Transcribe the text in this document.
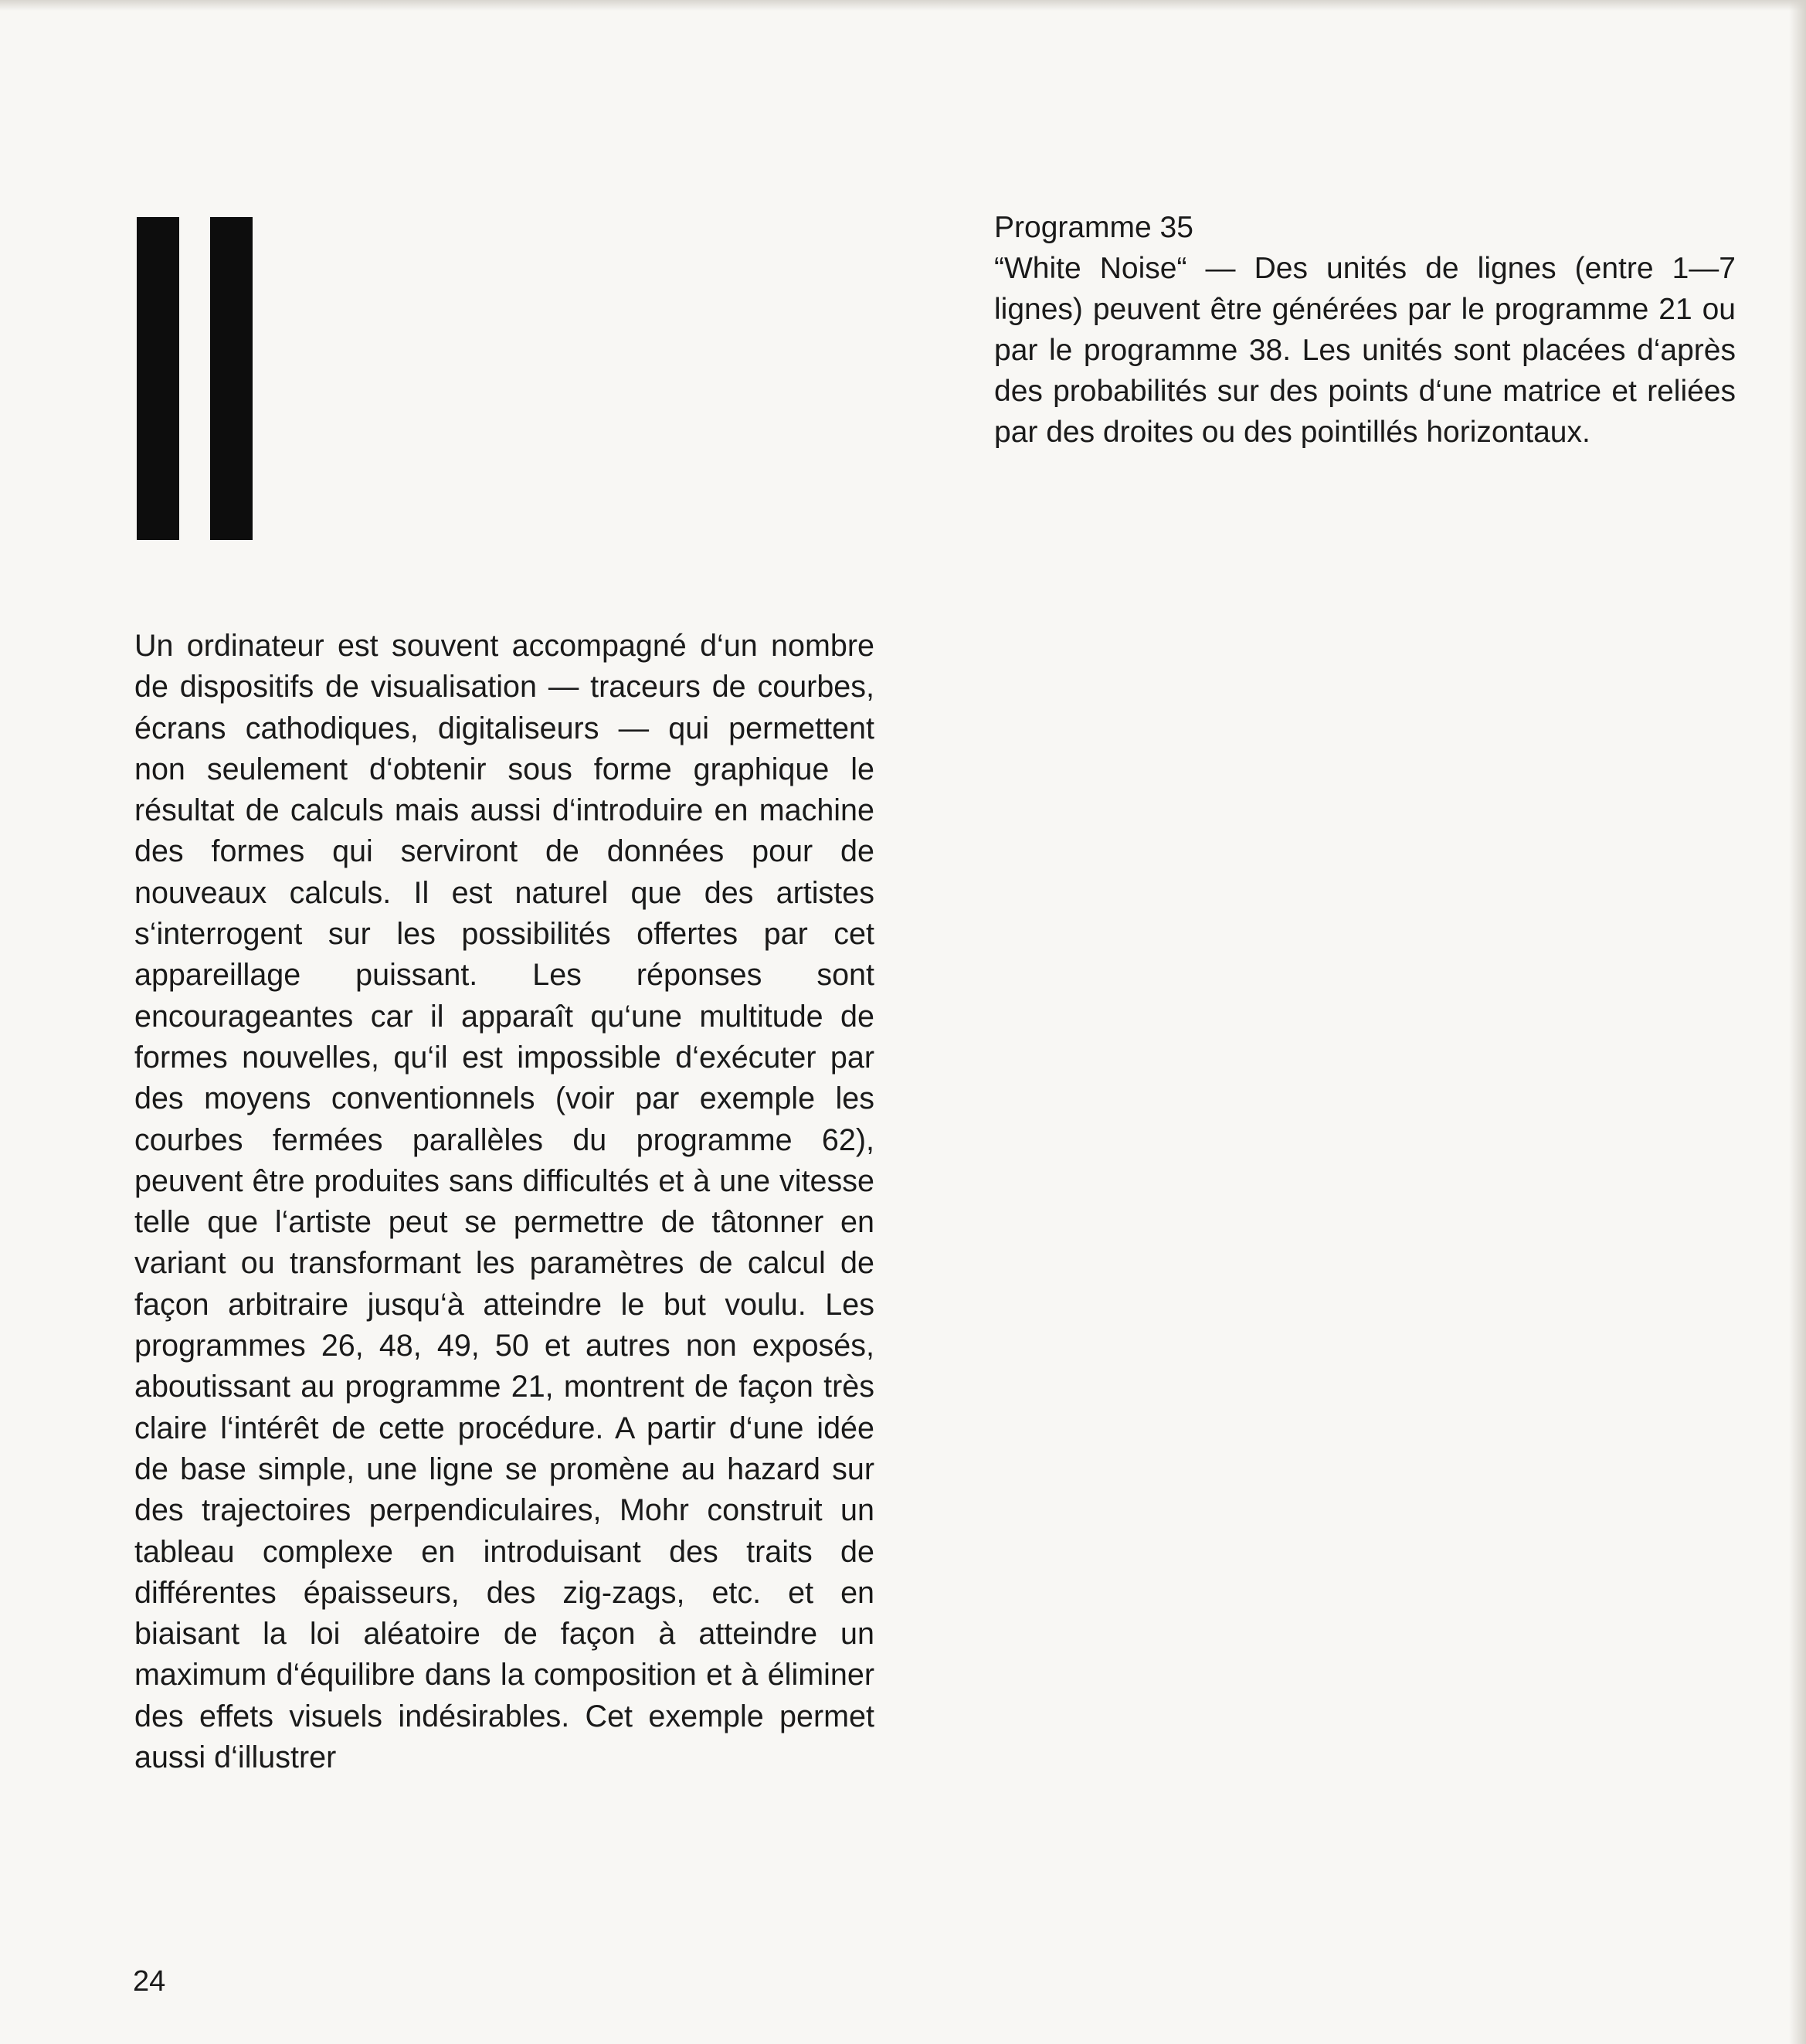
Programme 35
“White Noise“ — Des unités de lignes (entre 1—7 lignes) peuvent être générées par le programme 21 ou par le programme 38. Les unités sont placées d‘après des probabilités sur des points d‘une matrice et reliées par des droites ou des pointillés horizontaux.

Un ordinateur est souvent accompagné d‘un nombre de dispositifs de visualisation — traceurs de courbes, écrans cathodiques, digitaliseurs — qui permettent non seulement d‘obtenir sous forme graphique le résultat de calculs mais aussi d‘introduire en machine des formes qui serviront de données pour de nouveaux calculs. Il est naturel que des artistes s‘interrogent sur les possibilités offertes par cet appareillage puissant. Les réponses sont encourageantes car il apparaît qu‘une multitude de formes nouvelles, qu‘il est impossible d‘exécuter par des moyens conventionnels (voir par exemple les courbes fermées parallèles du programme 62), peuvent être produites sans difficultés et à une vitesse telle que l‘artiste peut se permettre de tâtonner en variant ou transformant les paramètres de calcul de façon arbitraire jusqu‘à atteindre le but voulu. Les programmes 26, 48, 49, 50 et autres non exposés, aboutissant au programme 21, montrent de façon très claire l‘intérêt de cette procédure. A partir d‘une idée de base simple, une ligne se promène au hazard sur des trajectoires perpendiculaires, Mohr construit un tableau complexe en introduisant des traits de différentes épaisseurs, des zig-zags, etc. et en biaisant la loi aléatoire de façon à atteindre un maximum d‘équilibre dans la composition et à éliminer des effets visuels indésirables. Cet exemple permet aussi d‘illustrer

24
